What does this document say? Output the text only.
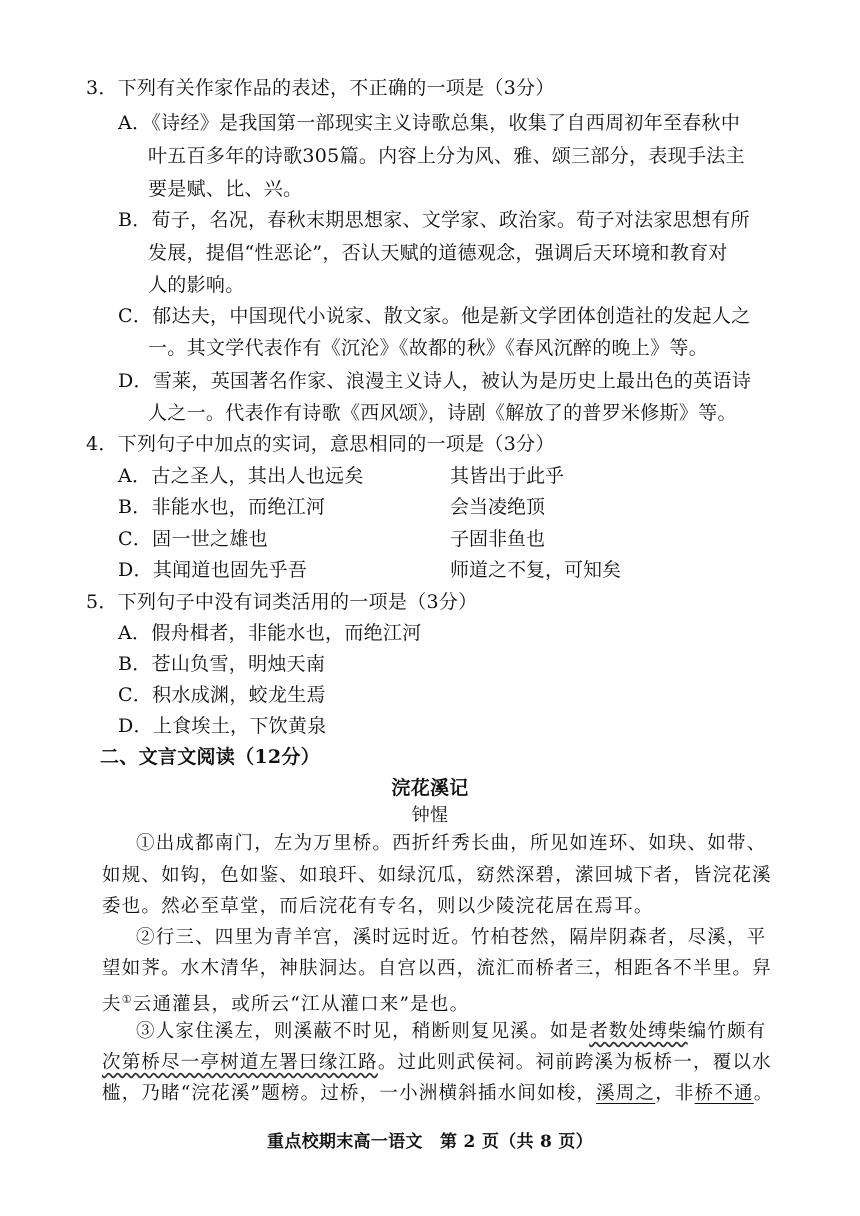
3．下列有关作家作品的表述，不正确的一项是（3分）
A．《诗经》是我国第一部现实主义诗歌总集，收集了自西周初年至春秋中
叶五百多年的诗歌305篇。内容上分为风、雅、颂三部分，表现手法主
要是赋、比、兴。
B．荀子，名况，春秋末期思想家、文学家、政治家。荀子对法家思想有所
发展，提倡“性恶论”，否认天赋的道德观念，强调后天环境和教育对
人的影响。
C．郁达夫，中国现代小说家、散文家。他是新文学团体创造社的发起人之
一。其文学代表作有《沉沦》《故都的秋》《春风沉醉的晚上》等。
D．雪莱，英国著名作家、浪漫主义诗人，被认为是历史上最出色的英语诗
人之一。代表作有诗歌《西风颂》，诗剧《解放了的普罗米修斯》等。
4．下列句子中加点的实词，意思相同的一项是（3分）
A．古之圣人，其出人也远矣	其皆出于此乎
B．非能水也，而绝江河	会当凌绝顶
C．固一世之雄也	子固非鱼也
D．其闻道也固先乎吾	师道之不复，可知矣
5．下列句子中没有词类活用的一项是（3分）
A．假舟楫者，非能水也，而绝江河
B．苍山负雪，明烛天南
C．积水成渊，蛟龙生焉
D．上食埃土，下饮黄泉
二、文言文阅读（12分）
浣花溪记
钟惺
①出成都南门，左为万里桥。西折纤秀长曲，所见如连环、如玦、如带、
如规、如钩，色如鉴、如琅玕、如绿沉瓜，窈然深碧，潆回城下者，皆浣花溪
委也。然必至草堂，而后浣花有专名，则以少陵浣花居在焉耳。
②行三、四里为青羊宫，溪时远时近。竹柏苍然，隔岸阴森者，尽溪，平
望如荠。水木清华，神肤洞达。自宫以西，流汇而桥者三，相距各不半里。舁
夫①云通灌县，或所云“江从灌口来”是也。
③人家住溪左，则溪蔽不时见，稍断则复见溪。如是者数处缚柴编竹颇有
次第桥尽一亭树道左署曰缘江路。过此则武侯祠。祠前跨溪为板桥一，覆以水
槛，乃睹“浣花溪”题榜。过桥，一小洲横斜插水间如梭，溪周之，非桥不通。
重点校期末高一语文　第 2 页（共 8 页）
